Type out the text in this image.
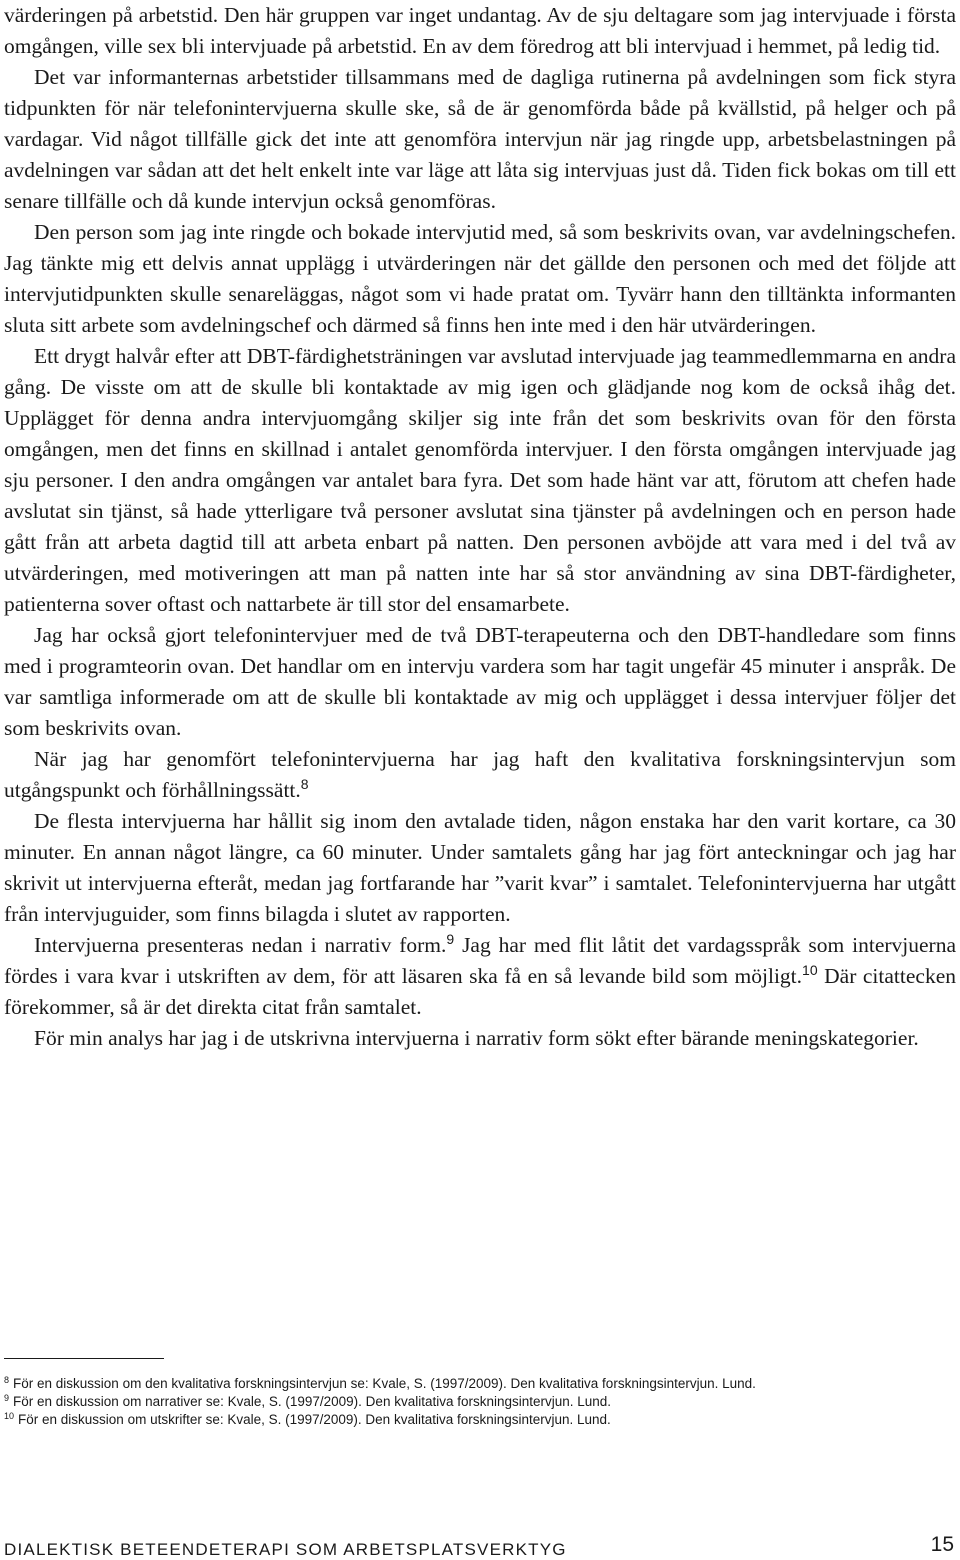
värderingen på arbetstid. Den här gruppen var inget undantag. Av de sju deltagare som jag intervjuade i första omgången, ville sex bli intervjuade på arbetstid. En av dem föredrog att bli intervjuad i hemmet, på ledig tid.

Det var informanternas arbetstider tillsammans med de dagliga rutinerna på avdelningen som fick styra tidpunkten för när telefonintervjuerna skulle ske, så de är genomförda både på kvällstid, på helger och på vardagar. Vid något tillfälle gick det inte att genomföra intervjun när jag ringde upp, arbetsbelastningen på avdelningen var sådan att det helt enkelt inte var läge att låta sig intervjuas just då. Tiden fick bokas om till ett senare tillfälle och då kunde intervjun också genomföras.

Den person som jag inte ringde och bokade intervjutid med, så som beskrivits ovan, var avdelningschefen. Jag tänkte mig ett delvis annat upplägg i utvärderingen när det gällde den personen och med det följde att intervjutidpunkten skulle senareläggas, något som vi hade pratat om. Tyvärr hann den tilltänkta informanten sluta sitt arbete som avdelningschef och därmed så finns hen inte med i den här utvärderingen.

Ett drygt halvår efter att DBT-färdighetsträningen var avslutad intervjuade jag teammedlemmarna en andra gång. De visste om att de skulle bli kontaktade av mig igen och glädjande nog kom de också ihåg det. Upplägget för denna andra intervjuomgång skiljer sig inte från det som beskrivits ovan för den första omgången, men det finns en skillnad i antalet genomförda intervjuer. I den första omgången intervjuade jag sju personer. I den andra omgången var antalet bara fyra. Det som hade hänt var att, förutom att chefen hade avslutat sin tjänst, så hade ytterligare två personer avslutat sina tjänster på avdelningen och en person hade gått från att arbeta dagtid till att arbeta enbart på natten. Den personen avböjde att vara med i del två av utvärderingen, med motiveringen att man på natten inte har så stor användning av sina DBT-färdigheter, patienterna sover oftast och nattarbete är till stor del ensamarbete.

Jag har också gjort telefonintervjuer med de två DBT-terapeuterna och den DBT-handledare som finns med i programteorin ovan. Det handlar om en intervju vardera som har tagit ungefär 45 minuter i anspråk. De var samtliga informerade om att de skulle bli kontaktade av mig och upplägget i dessa intervjuer följer det som beskrivits ovan.

När jag har genomfört telefonintervjuerna har jag haft den kvalitativa forskningsintervjun som utgångspunkt och förhållningssätt.$^8$

De flesta intervjuerna har hållit sig inom den avtalade tiden, någon enstaka har den varit kortare, ca 30 minuter. En annan något längre, ca 60 minuter. Under samtalets gång har jag fört anteckningar och jag har skrivit ut intervjuerna efteråt, medan jag fortfarande har ”varit kvar” i samtalet. Telefonintervjuerna har utgått från intervjuguider, som finns bilagda i slutet av rapporten.

Intervjuerna presenteras nedan i narrativ form.$^9$ Jag har med flit låtit det vardagsspråk som intervjuerna fördes i vara kvar i utskriften av dem, för att läsaren ska få en så levande bild som möjligt.$^{10}$ Där citattecken förekommer, så är det direkta citat från samtalet.

För min analys har jag i de utskrivna intervjuerna i narrativ form sökt efter bärande meningskategorier.

$^8$ För en diskussion om den kvalitativa forskningsintervjun se: Kvale, S. (1997/2009). Den kvalitativa forskningsintervjun. Lund.
$^9$ För en diskussion om narrativer se: Kvale, S. (1997/2009). Den kvalitativa forskningsintervjun. Lund.
$^{10}$ För en diskussion om utskrifter se: Kvale, S. (1997/2009). Den kvalitativa forskningsintervjun. Lund.
DIALEKTISK BETEENDETERAPI SOM ARBETSPLATSVERKTYG	15
